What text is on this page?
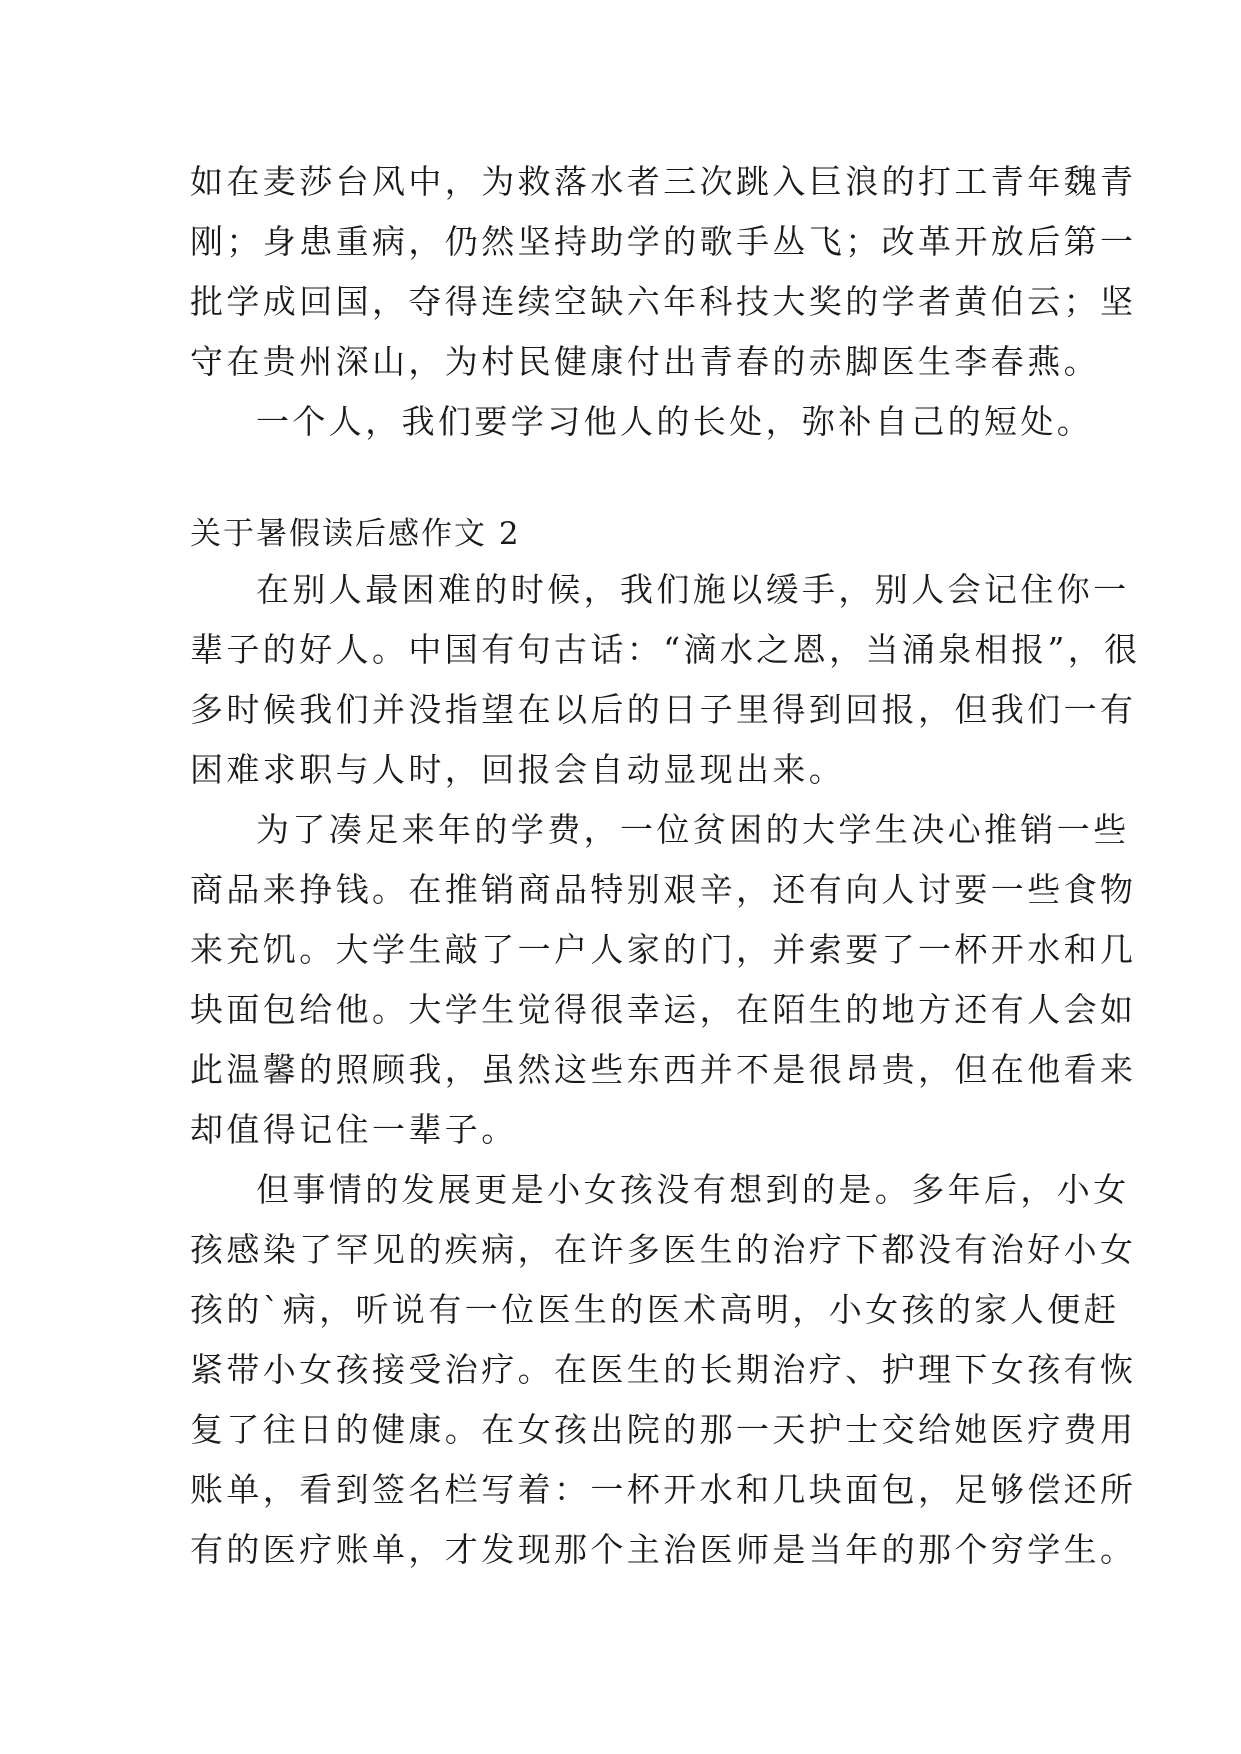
如在麦莎台风中，为救落水者三次跳入巨浪的打工青年魏青
刚；身患重病，仍然坚持助学的歌手丛飞；改革开放后第一
批学成回国，夺得连续空缺六年科技大奖的学者黄伯云；坚
守在贵州深山，为村民健康付出青春的赤脚医生李春燕。
一个人，我们要学习他人的长处，弥补自己的短处。
关于暑假读后感作文 2
在别人最困难的时候，我们施以缓手，别人会记住你一
辈子的好人。中国有句古话：“滴水之恩，当涌泉相报”，很
多时候我们并没指望在以后的日子里得到回报，但我们一有
困难求职与人时，回报会自动显现出来。
为了凑足来年的学费，一位贫困的大学生决心推销一些
商品来挣钱。在推销商品特别艰辛，还有向人讨要一些食物
来充饥。大学生敲了一户人家的门，并索要了一杯开水和几
块面包给他。大学生觉得很幸运，在陌生的地方还有人会如
此温馨的照顾我，虽然这些东西并不是很昂贵，但在他看来
却值得记住一辈子。
但事情的发展更是小女孩没有想到的是。多年后，小女
孩感染了罕见的疾病，在许多医生的治疗下都没有治好小女
孩的`病，听说有一位医生的医术高明，小女孩的家人便赶
紧带小女孩接受治疗。在医生的长期治疗、护理下女孩有恢
复了往日的健康。在女孩出院的那一天护士交给她医疗费用
账单，看到签名栏写着：一杯开水和几块面包，足够偿还所
有的医疗账单，才发现那个主治医师是当年的那个穷学生。
